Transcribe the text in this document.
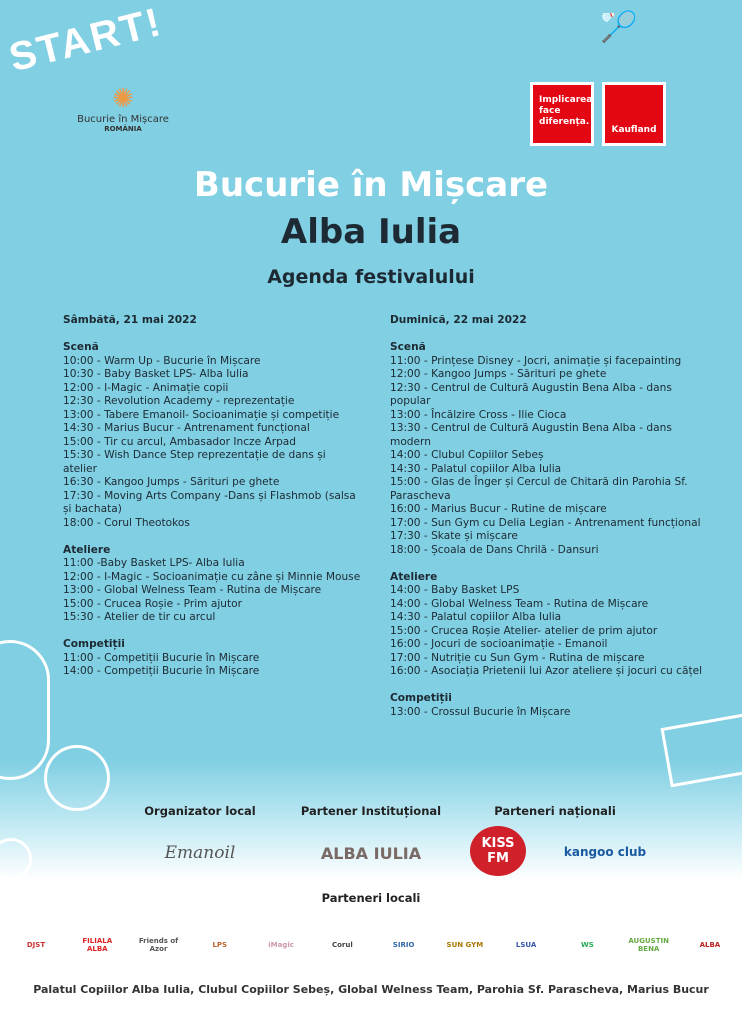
START!	🏸
✺
Bucurie în Mișcare
ROMÂNIA
Implicarea face diferența.
Kaufland
Bucurie în Mișcare
Alba Iulia
Agenda festivalului
Sâmbătă, 21 mai 2022
Scenă
10:00 - Warm Up - Bucurie în Mișcare
10:30 - Baby Basket LPS- Alba Iulia
12:00 - I-Magic - Animație copii
12:30 - Revolution Academy - reprezentație
13:00 - Tabere Emanoil- Socioanimație și competiție
14:30 - Marius Bucur - Antrenament funcțional
15:00 - Tir cu arcul, Ambasador Incze Arpad
15:30 - Wish Dance Step reprezentație de dans și atelier
16:30 - Kangoo Jumps - Sărituri pe ghete
17:30 - Moving Arts Company -Dans și Flashmob (salsa și bachata)
18:00 - Corul Theotokos
Ateliere
11:00 -Baby Basket LPS- Alba Iulia
12:00 - I-Magic - Socioanimație cu zâne și Minnie Mouse
13:00 - Global Welness Team - Rutina de Mișcare
15:00 - Crucea Roșie - Prim ajutor
15:30 - Atelier de tir cu arcul
Competiții
11:00 - Competiții Bucurie în Mișcare
14:00 - Competiții Bucurie în Mișcare
Duminică, 22 mai 2022
Scenă
11:00 - Prințese Disney - Jocri, animație și facepainting
12:00 - Kangoo Jumps - Sărituri pe ghete
12:30 - Centrul de Cultură Augustin Bena Alba - dans popular
13:00 - Încălzire Cross - Ilie Cioca
13:30 - Centrul de Cultură Augustin Bena Alba - dans modern
14:00 - Clubul Copiilor Sebeș
14:30 - Palatul copiilor Alba Iulia
15:00 - Glas de Înger și Cercul de Chitară din Parohia Sf. Parascheva
16:00 - Marius Bucur - Rutine de mișcare
17:00 - Sun Gym cu Delia Legian - Antrenament funcțional
17:30 - Skate și mișcare
18:00 - Școala de Dans Chrilă - Dansuri
Ateliere
14:00 - Baby Basket LPS
14:00 - Global Welness Team - Rutina de Mișcare
14:30 - Palatul copiilor Alba Iulia
15:00 - Crucea Roșie Atelier- atelier de prim ajutor
16:00 - Jocuri de socioanimație - Emanoil
17:00 - Nutriție cu Sun Gym - Rutina de mișcare
16:00 - Asociația Prietenii lui Azor ateliere și jocuri cu cățel
Competiții
13:00 - Crossul Bucurie în Mișcare
Organizator local	Partener Instituțional	Parteneri naționali
Emanoil	ALBA IULIA	KISS FM	kangoo club
Parteneri locali
DJST	FILIALA ALBA
Friends of Azor	LPS	iMagic	Corul	SIRIO	SUN GYM	LSUA	WS	AUGUSTIN BENA	ALBA
Palatul Copiilor Alba Iulia, Clubul Copiilor Sebeș, Global Welness Team, Parohia Sf. Parascheva, Marius Bucur
